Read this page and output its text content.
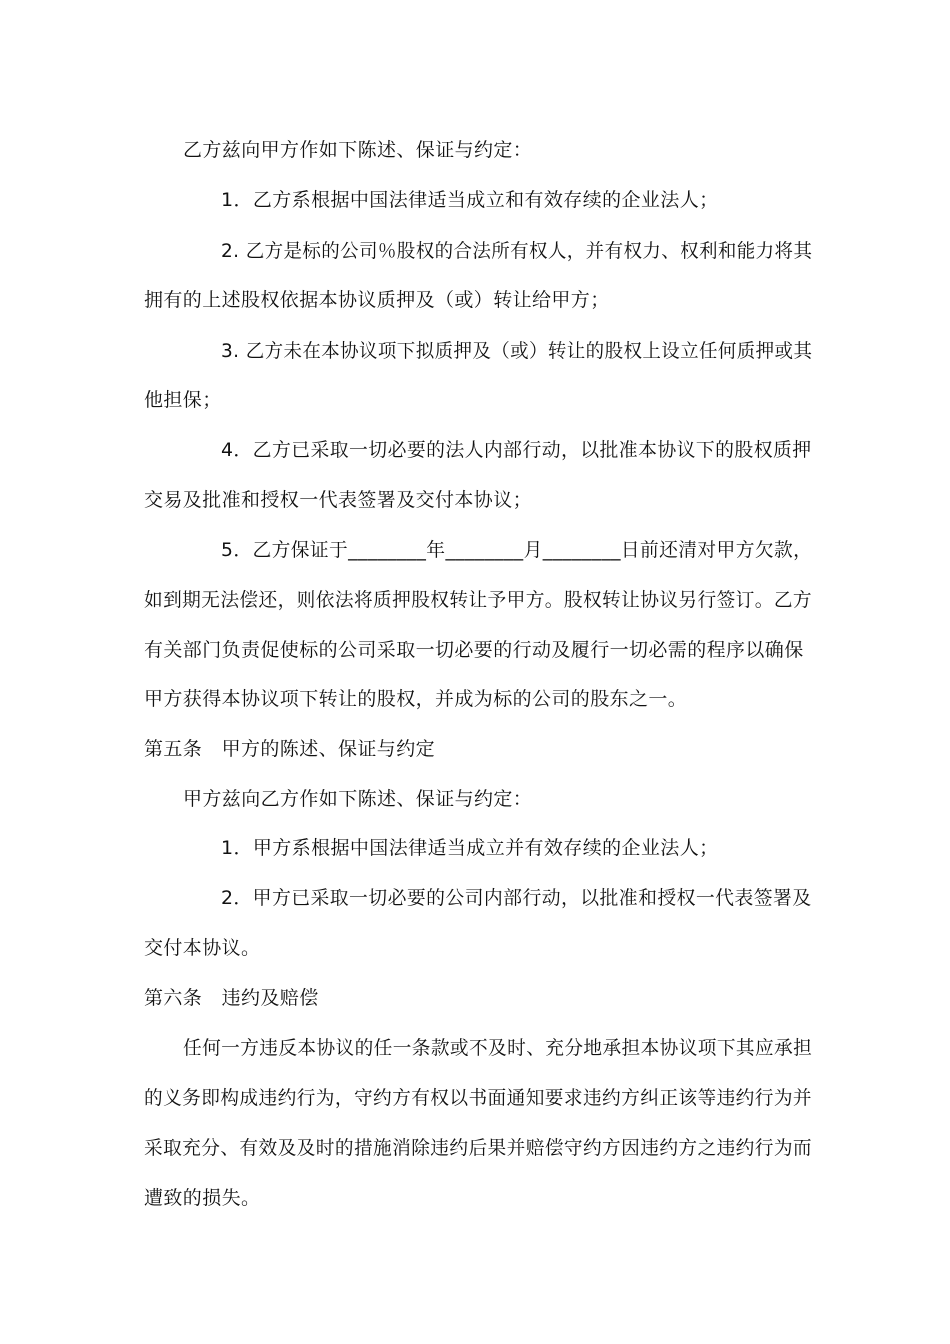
乙方兹向甲方作如下陈述、保证与约定：
1．乙方系根据中国法律适当成立和有效存续的企业法人；
2. 乙方是标的公司％股权的合法所有权人，并有权力、权利和能力将其
拥有的上述股权依据本协议质押及（或）转让给甲方；
3. 乙方未在本协议项下拟质押及（或）转让的股权上设立任何质押或其
他担保；
4．乙方已采取一切必要的法人内部行动，以批准本协议下的股权质押
交易及批准和授权一代表签署及交付本协议；
5．乙方保证于________年________月________日前还清对甲方欠款，
如到期无法偿还，则依法将质押股权转让予甲方。股权转让协议另行签订。乙方
有关部门负责促使标的公司采取一切必要的行动及履行一切必需的程序以确保
甲方获得本协议项下转让的股权，并成为标的公司的股东之一。
第五条　甲方的陈述、保证与约定
甲方兹向乙方作如下陈述、保证与约定：
1．甲方系根据中国法律适当成立并有效存续的企业法人；
2．甲方已采取一切必要的公司内部行动，以批准和授权一代表签署及
交付本协议。
第六条　违约及赔偿
任何一方违反本协议的任一条款或不及时、充分地承担本协议项下其应承担
的义务即构成违约行为，守约方有权以书面通知要求违约方纠正该等违约行为并
采取充分、有效及及时的措施消除违约后果并赔偿守约方因违约方之违约行为而
遭致的损失。
